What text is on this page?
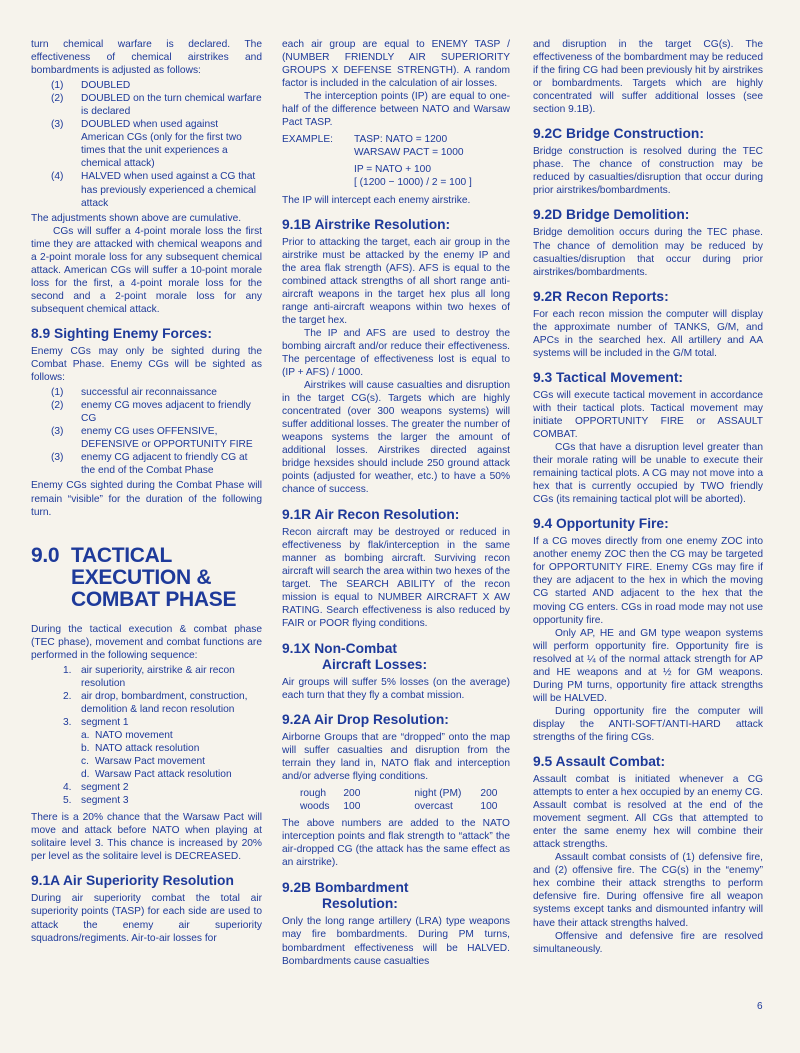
turn chemical warfare is declared. The effectiveness of chemical airstrikes and bombardments is adjusted as follows:

(1) DOUBLED
(2) DOUBLED on the turn chemical warfare is declared
(3) DOUBLED when used against American CGs (only for the first two times that the unit experiences a chemical attack)
(4) HALVED when used against a CG that has previously experienced a chemical attack

The adjustments shown above are cumulative.

CGs will suffer a 4-point morale loss the first time they are attacked with chemical weapons and a 2-point morale loss for any subsequent chemical attack. American CGs will suffer a 10-point morale loss for the first, a 4-point morale loss for the second and a 2-point morale loss for any subsequent chemical attack.

8.9 Sighting Enemy Forces:

Enemy CGs may only be sighted during the Combat Phase. Enemy CGs will be sighted as follows:

(1) successful air reconnaissance
(2) enemy CG moves adjacent to friendly CG
(3) enemy CG uses OFFENSIVE, DEFENSIVE or OPPORTUNITY FIRE
(3) enemy CG adjacent to friendly CG at the end of the Combat Phase

Enemy CGs sighted during the Combat Phase will remain “visible” for the duration of the following turn.

9.0 TACTICAL
EXECUTION &
COMBAT PHASE

During the tactical execution & combat phase (TEC phase), movement and combat functions are performed in the following sequence:

1. air superiority, airstrike & air recon resolution
2. air drop, bombardment, construction, demolition & land recon resolution
3. segment 1
a. NATO movement
b. NATO attack resolution
c. Warsaw Pact movement
d. Warsaw Pact attack resolution
4. segment 2
5. segment 3

There is a 20% chance that the Warsaw Pact will move and attack before NATO when playing at solitaire level 3. This chance is increased by 20% per level as the solitaire level is DECREASED.

9.1A Air Superiority Resolution

During air superiority combat the total air superiority points (TASP) for each side are used to attack the enemy air superiority squadrons/regiments. Air-to-air losses for

each air group are equal to ENEMY TASP / (NUMBER FRIENDLY AIR SUPERIORITY GROUPS X DEFENSE STRENGTH). A random factor is included in the calculation of air losses.

The interception points (IP) are equal to one-half of the difference between NATO and Warsaw Pact TASP.

EXAMPLE:	TASP: NATO = 1200
WARSAW PACT = 1000
IP = NATO + 100
[ (1200 − 1000) / 2 = 100 ]

The IP will intercept each enemy airstrike.

9.1B Airstrike Resolution:

Prior to attacking the target, each air group in the airstrike must be attacked by the enemy IP and the area flak strength (AFS). AFS is equal to the combined attack strengths of all short range anti-aircraft weapons in the target hex plus all long range anti-aircraft weapons within two hexes of the target hex.

The IP and AFS are used to destroy the bombing aircraft and/or reduce their effectiveness. The percentage of effectiveness lost is equal to (IP + AFS) / 1000.

Airstrikes will cause casualties and disruption in the target CG(s). Targets which are highly concentrated (over 300 weapons systems) will suffer additional losses. The greater the number of weapons systems the larger the amount of additional losses. Airstrikes directed against bridge hexsides should include 250 ground attack points (adjusted for weather, etc.) to have a 50% chance of success.

9.1R Air Recon Resolution:

Recon aircraft may be destroyed or reduced in effectiveness by flak/interception in the same manner as bombing aircraft. Surviving recon aircraft will search the area within two hexes of the target. The SEARCH ABILITY of the recon mission is equal to NUMBER AIRCRAFT X AW RATING. Search effectiveness is also reduced by FAIR or POOR flying conditions.

9.1X Non-Combat
Aircraft Losses:

Air groups will suffer 5% losses (on the average) each turn that they fly a combat mission.

9.2A Air Drop Resolution:

Airborne Groups that are “dropped” onto the map will suffer casualties and disruption from the terrain they land in, NATO flak and interception and/or adverse flying conditions.

rough	200	night (PM)	200
woods	100	overcast	100

The above numbers are added to the NATO interception points and flak strength to “attack” the air-dropped CG (the attack has the same effect as an airstrike).

9.2B Bombardment
Resolution:

Only the long range artillery (LRA) type weapons may fire bombardments. During PM turns, bombardment effectiveness will be HALVED. Bombardments cause casualties

and disruption in the target CG(s). The effectiveness of the bombardment may be reduced if the firing CG had been previously hit by airstrikes or bombardments. Targets which are highly concentrated will suffer additional losses (see section 9.1B).

9.2C Bridge Construction:

Bridge construction is resolved during the TEC phase. The chance of construction may be reduced by casualties/disruption that occur during prior airstrikes/bombardments.

9.2D Bridge Demolition:

Bridge demolition occurs during the TEC phase. The chance of demolition may be reduced by casualties/disruption that occur during prior airstrikes/bombardments.

9.2R Recon Reports:

For each recon mission the computer will display the approximate number of TANKS, G/M, and APCs in the searched hex. All artillery and AA systems will be included in the G/M total.

9.3 Tactical Movement:

CGs will execute tactical movement in accordance with their tactical plots. Tactical movement may initiate OPPORTUNITY FIRE or ASSAULT COMBAT.

CGs that have a disruption level greater than their morale rating will be unable to execute their remaining tactical plots. A CG may not move into a hex that is currently occupied by TWO friendly CGs (its remaining tactical plot will be aborted).

9.4 Opportunity Fire:

If a CG moves directly from one enemy ZOC into another enemy ZOC then the CG may be targeted for OPPORTUNITY FIRE. Enemy CGs may fire if they are adjacent to the hex in which the moving CG started AND adjacent to the hex that the moving CG enters. CGs in road mode may not use opportunity fire.

Only AP, HE and GM type weapon systems will perform opportunity fire. Opportunity fire is resolved at ¼ of the normal attack strength for AP and HE weapons and at ½ for GM weapons. During PM turns, opportunity fire attack strengths will be HALVED.

During opportunity fire the computer will display the ANTI-SOFT/ANTI-HARD attack strengths of the firing CGs.

9.5 Assault Combat:

Assault combat is initiated whenever a CG attempts to enter a hex occupied by an enemy CG. Assault combat is resolved at the end of the movement segment. All CGs that attempted to enter the same enemy hex will combine their attack strengths.

Assault combat consists of (1) defensive fire, and (2) offensive fire. The CG(s) in the “enemy” hex combine their attack strengths to perform defensive fire. During offensive fire all weapon systems except tanks and dismounted infantry will have their attack strengths halved.

Offensive and defensive fire are resolved simultaneously.

6
